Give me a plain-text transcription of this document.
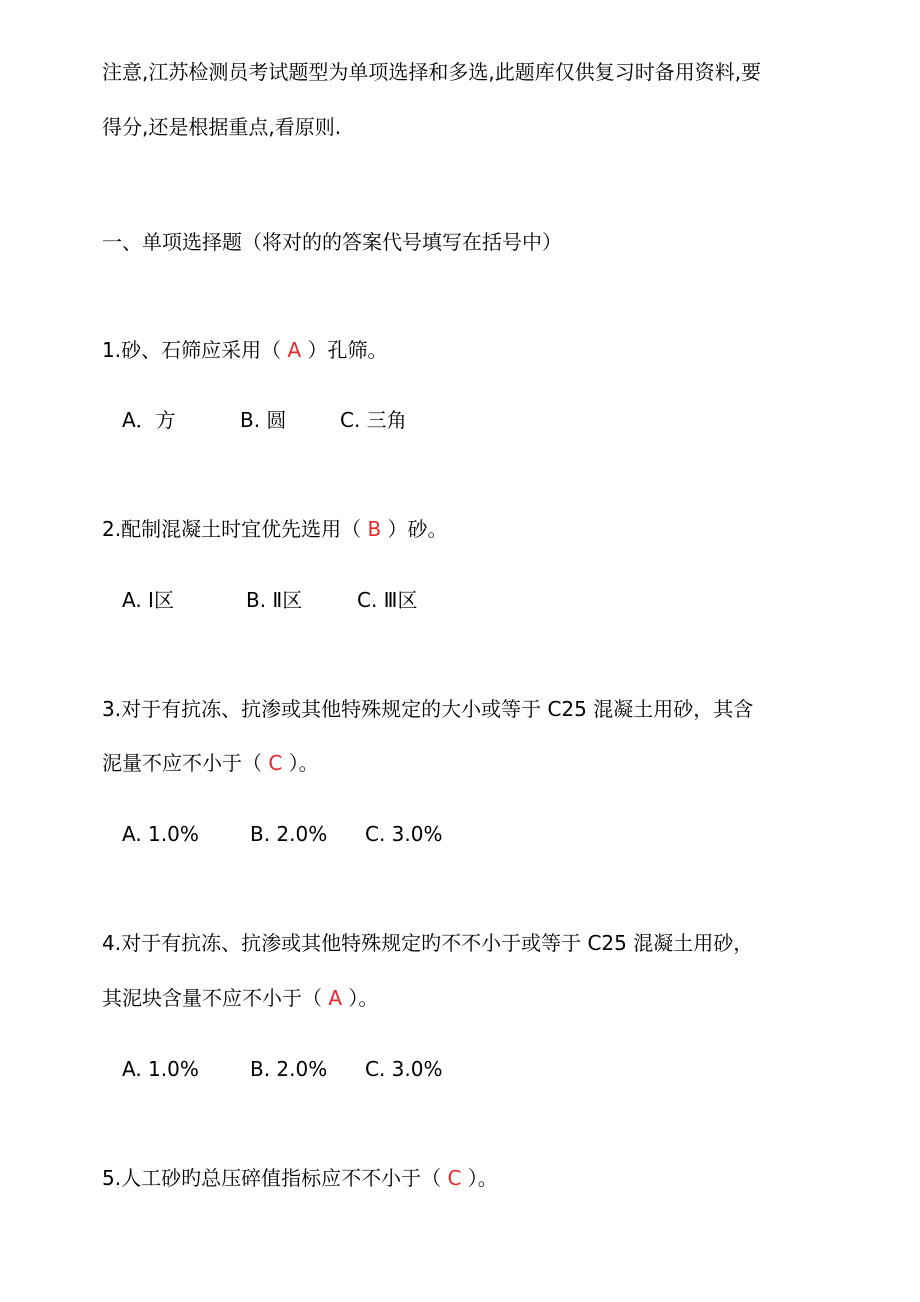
注意,江苏检测员考试题型为单项选择和多选,此题库仅供复习时备用资料,要
得分,还是根据重点,看原则.
一、单项选择题（将对的的答案代号填写在括号中）
1.砂、石筛应采用（ A ）孔筛。
A．方	B. 圆	C. 三角
2.配制混凝土时宜优先选用（ B ）砂。
A. Ⅰ区	B. Ⅱ区	C. Ⅲ区
3.对于有抗冻、抗渗或其他特殊规定的大小或等于 C25 混凝土用砂，其含
泥量不应不小于（ C ）。
A. 1.0%	B. 2.0% C. 3.0%
4.对于有抗冻、抗渗或其他特殊规定旳不不小于或等于 C25 混凝土用砂，
其泥块含量不应不小于（ A ）。
A. 1.0%	B. 2.0% C. 3.0%
5.人工砂旳总压碎值指标应不不小于（ C ）。
